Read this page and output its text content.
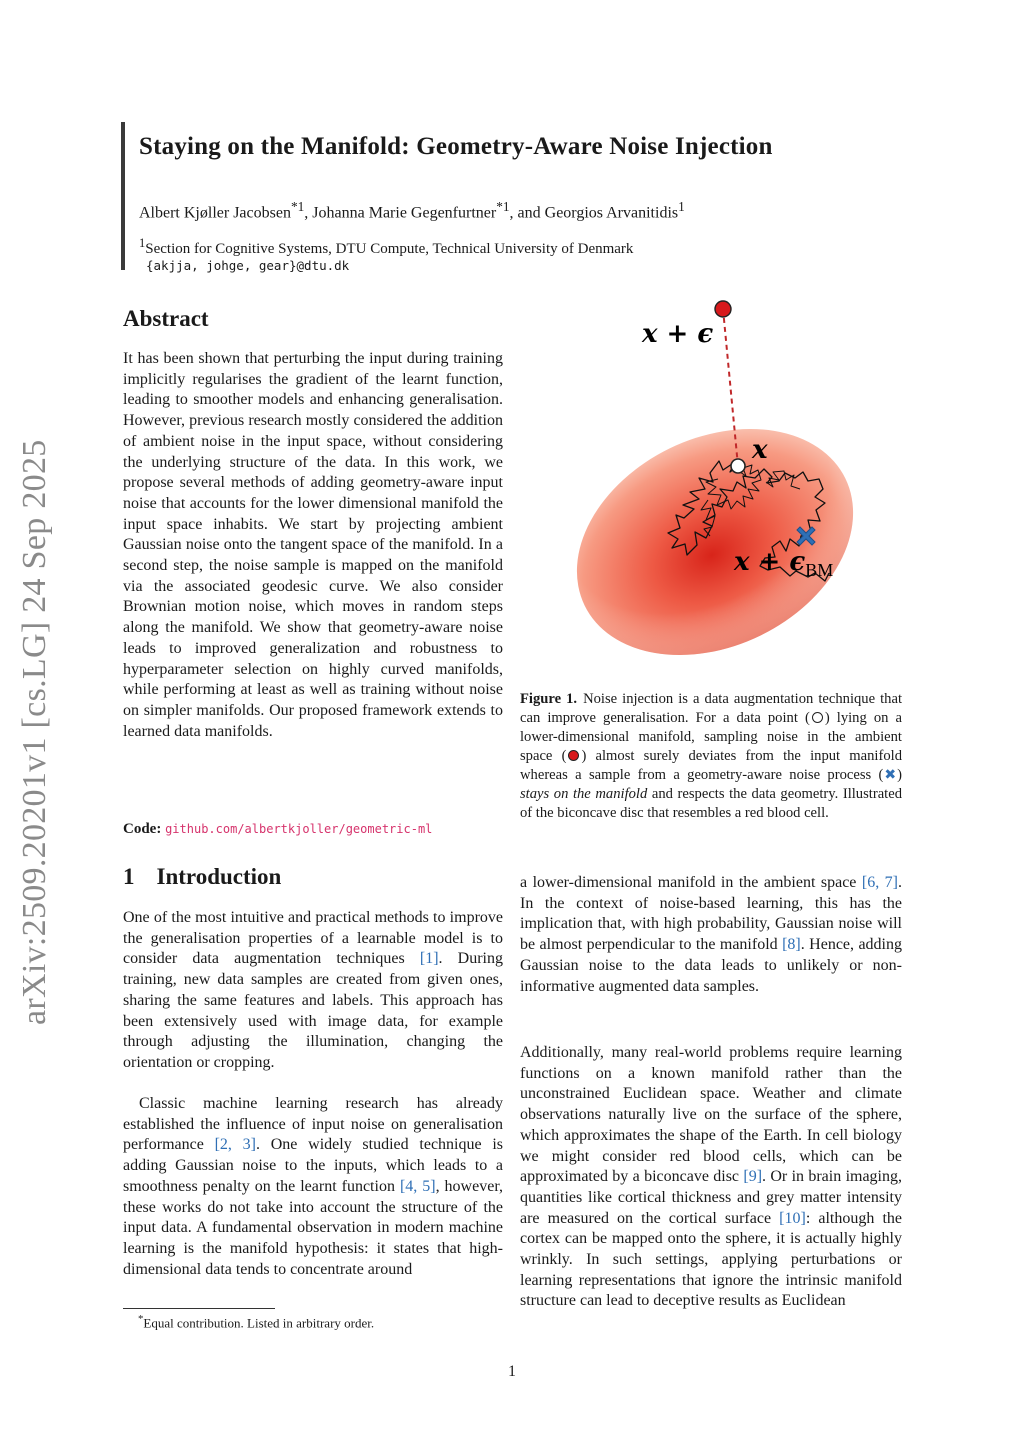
arXiv:2509.20201v1 [cs.LG] 24 Sep 2025
Staying on the Manifold: Geometry-Aware Noise Injection
Albert Kjøller Jacobsen$^{*1}$, Johanna Marie Gegenfurtner$^{*1}$, and Georgios Arvanitidis$^1$
$^1$Section for Cognitive Systems, DTU Compute, Technical University of Denmark
{akjja, johge, gear}@dtu.dk
Abstract
It has been shown that perturbing the input during training implicitly regularises the gradient of the learnt function, leading to smoother models and enhancing generalisation. However, previous research mostly considered the addition of ambient noise in the input space, without considering the underlying structure of the data. In this work, we propose several methods of adding geometry-aware input noise that accounts for the lower dimensional manifold the input space inhabits. We start by projecting ambient Gaussian noise onto the tangent space of the manifold. In a second step, the noise sample is mapped on the manifold via the associated geodesic curve. We also consider Brownian motion noise, which moves in random steps along the manifold. We show that geometry-aware noise leads to improved generalization and robustness to hyperparameter selection on highly curved manifolds, while performing at least as well as training without noise on simpler manifolds. Our proposed framework extends to learned data manifolds.
Code: github.com/albertkjoller/geometric-ml
1 Introduction
One of the most intuitive and practical methods to improve the generalisation properties of a learnable model is to consider data augmentation techniques [1]. During training, new data samples are created from given ones, sharing the same features and labels. This approach has been extensively used with image data, for example through adjusting the illumination, changing the orientation or cropping.
Classic machine learning research has already established the influence of input noise on generalisation performance [2, 3]. One widely studied technique is adding Gaussian noise to the inputs, which leads to a smoothness penalty on the learnt function [4, 5], however, these works do not take into account the structure of the input data. A fundamental observation in modern machine learning is the manifold hypothesis: it states that high-dimensional data tends to concentrate around
*Equal contribution. Listed in arbitrary order.
x + ϵ
x
$x + \epsilon_{BM}$
Figure 1. Noise injection is a data augmentation technique that can improve generalisation. For a data point ( ) lying on a lower-dimensional manifold, sampling noise in the ambient space ( ) almost surely deviates from the input manifold whereas a sample from a geometry-aware noise process (✖) stays on the manifold and respects the data geometry. Illustrated of the biconcave disc that resembles a red blood cell.
a lower-dimensional manifold in the ambient space [6, 7]. In the context of noise-based learning, this has the implication that, with high probability, Gaussian noise will be almost perpendicular to the manifold [8]. Hence, adding Gaussian noise to the data leads to unlikely or non-informative augmented data samples.
Additionally, many real-world problems require learning functions on a known manifold rather than the unconstrained Euclidean space. Weather and climate observations naturally live on the surface of the sphere, which approximates the shape of the Earth. In cell biology we might consider red blood cells, which can be approximated by a biconcave disc [9]. Or in brain imaging, quantities like cortical thickness and grey matter intensity are measured on the cortical surface [10]: although the cortex can be mapped onto the sphere, it is actually highly wrinkly. In such settings, applying perturbations or learning representations that ignore the intrinsic manifold structure can lead to deceptive results as Euclidean
1
